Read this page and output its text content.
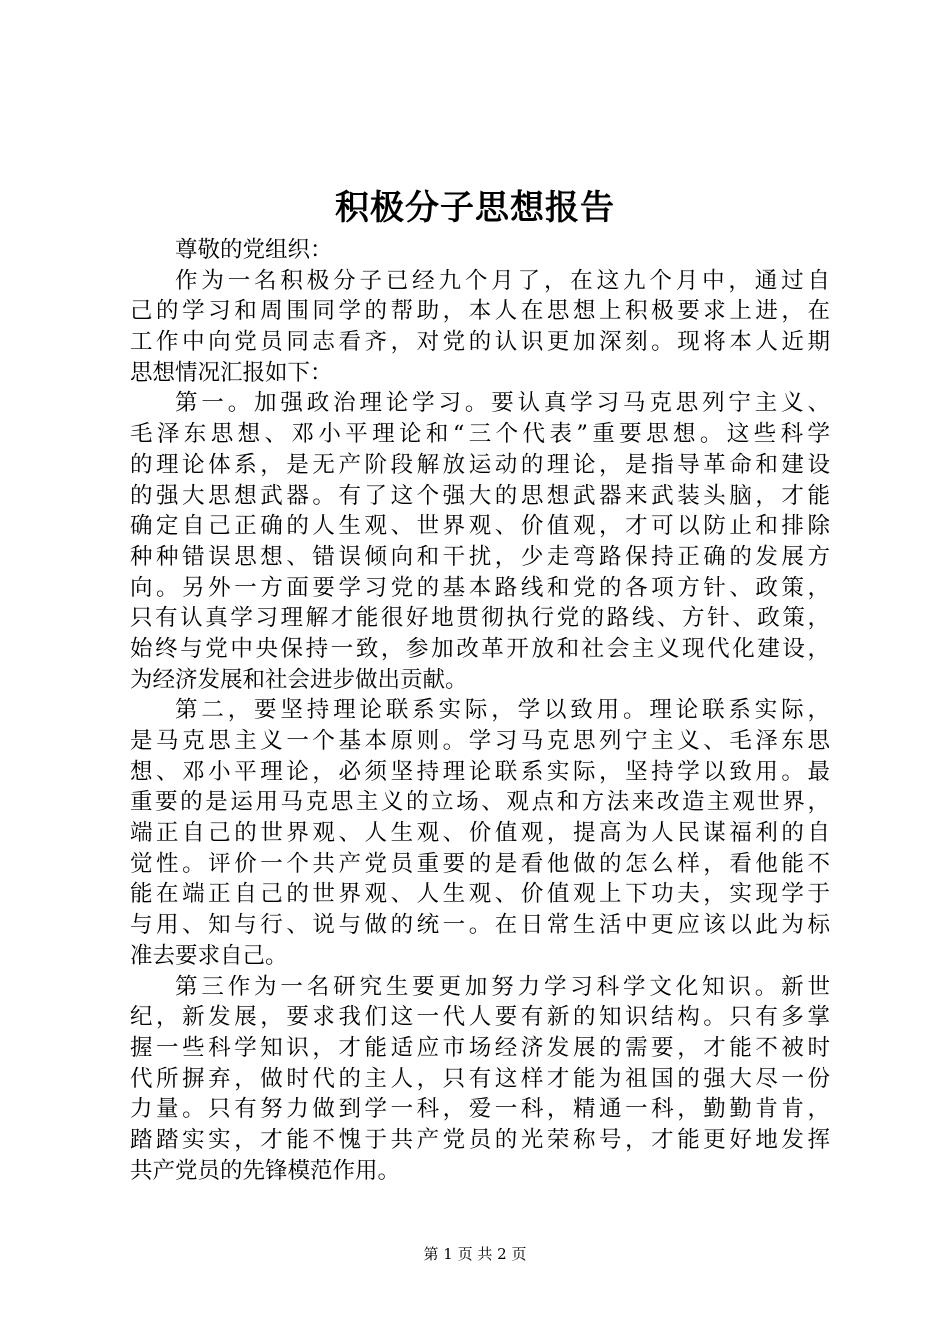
积极分子思想报告
尊敬的党组织：
作为一名积极分子已经九个月了，在这九个月中，通过自
己的学习和周围同学的帮助，本人在思想上积极要求上进，在
工作中向党员同志看齐，对党的认识更加深刻。现将本人近期
思想情况汇报如下：
第一。加强政治理论学习。要认真学习马克思列宁主义、
毛泽东思想、邓小平理论和“三个代表”重要思想。这些科学
的理论体系，是无产阶段解放运动的理论，是指导革命和建设
的强大思想武器。有了这个强大的思想武器来武装头脑，才能
确定自己正确的人生观、世界观、价值观，才可以防止和排除
种种错误思想、错误倾向和干扰，少走弯路保持正确的发展方
向。另外一方面要学习党的基本路线和党的各项方针、政策，
只有认真学习理解才能很好地贯彻执行党的路线、方针、政策，
始终与党中央保持一致，参加改革开放和社会主义现代化建设，
为经济发展和社会进步做出贡献。
第二，要坚持理论联系实际，学以致用。理论联系实际，
是马克思主义一个基本原则。学习马克思列宁主义、毛泽东思
想、邓小平理论，必须坚持理论联系实际，坚持学以致用。最
重要的是运用马克思主义的立场、观点和方法来改造主观世界，
端正自己的世界观、人生观、价值观，提高为人民谋福利的自
觉性。评价一个共产党员重要的是看他做的怎么样，看他能不
能在端正自己的世界观、人生观、价值观上下功夫，实现学于
与用、知与行、说与做的统一。在日常生活中更应该以此为标
准去要求自己。
第三作为一名研究生要更加努力学习科学文化知识。新世
纪，新发展，要求我们这一代人要有新的知识结构。只有多掌
握一些科学知识，才能适应市场经济发展的需要，才能不被时
代所摒弃，做时代的主人，只有这样才能为祖国的强大尽一份
力量。只有努力做到学一科，爱一科，精通一科，勤勤肯肯，
踏踏实实，才能不愧于共产党员的光荣称号，才能更好地发挥
共产党员的先锋模范作用。
第 1 页 共 2 页
